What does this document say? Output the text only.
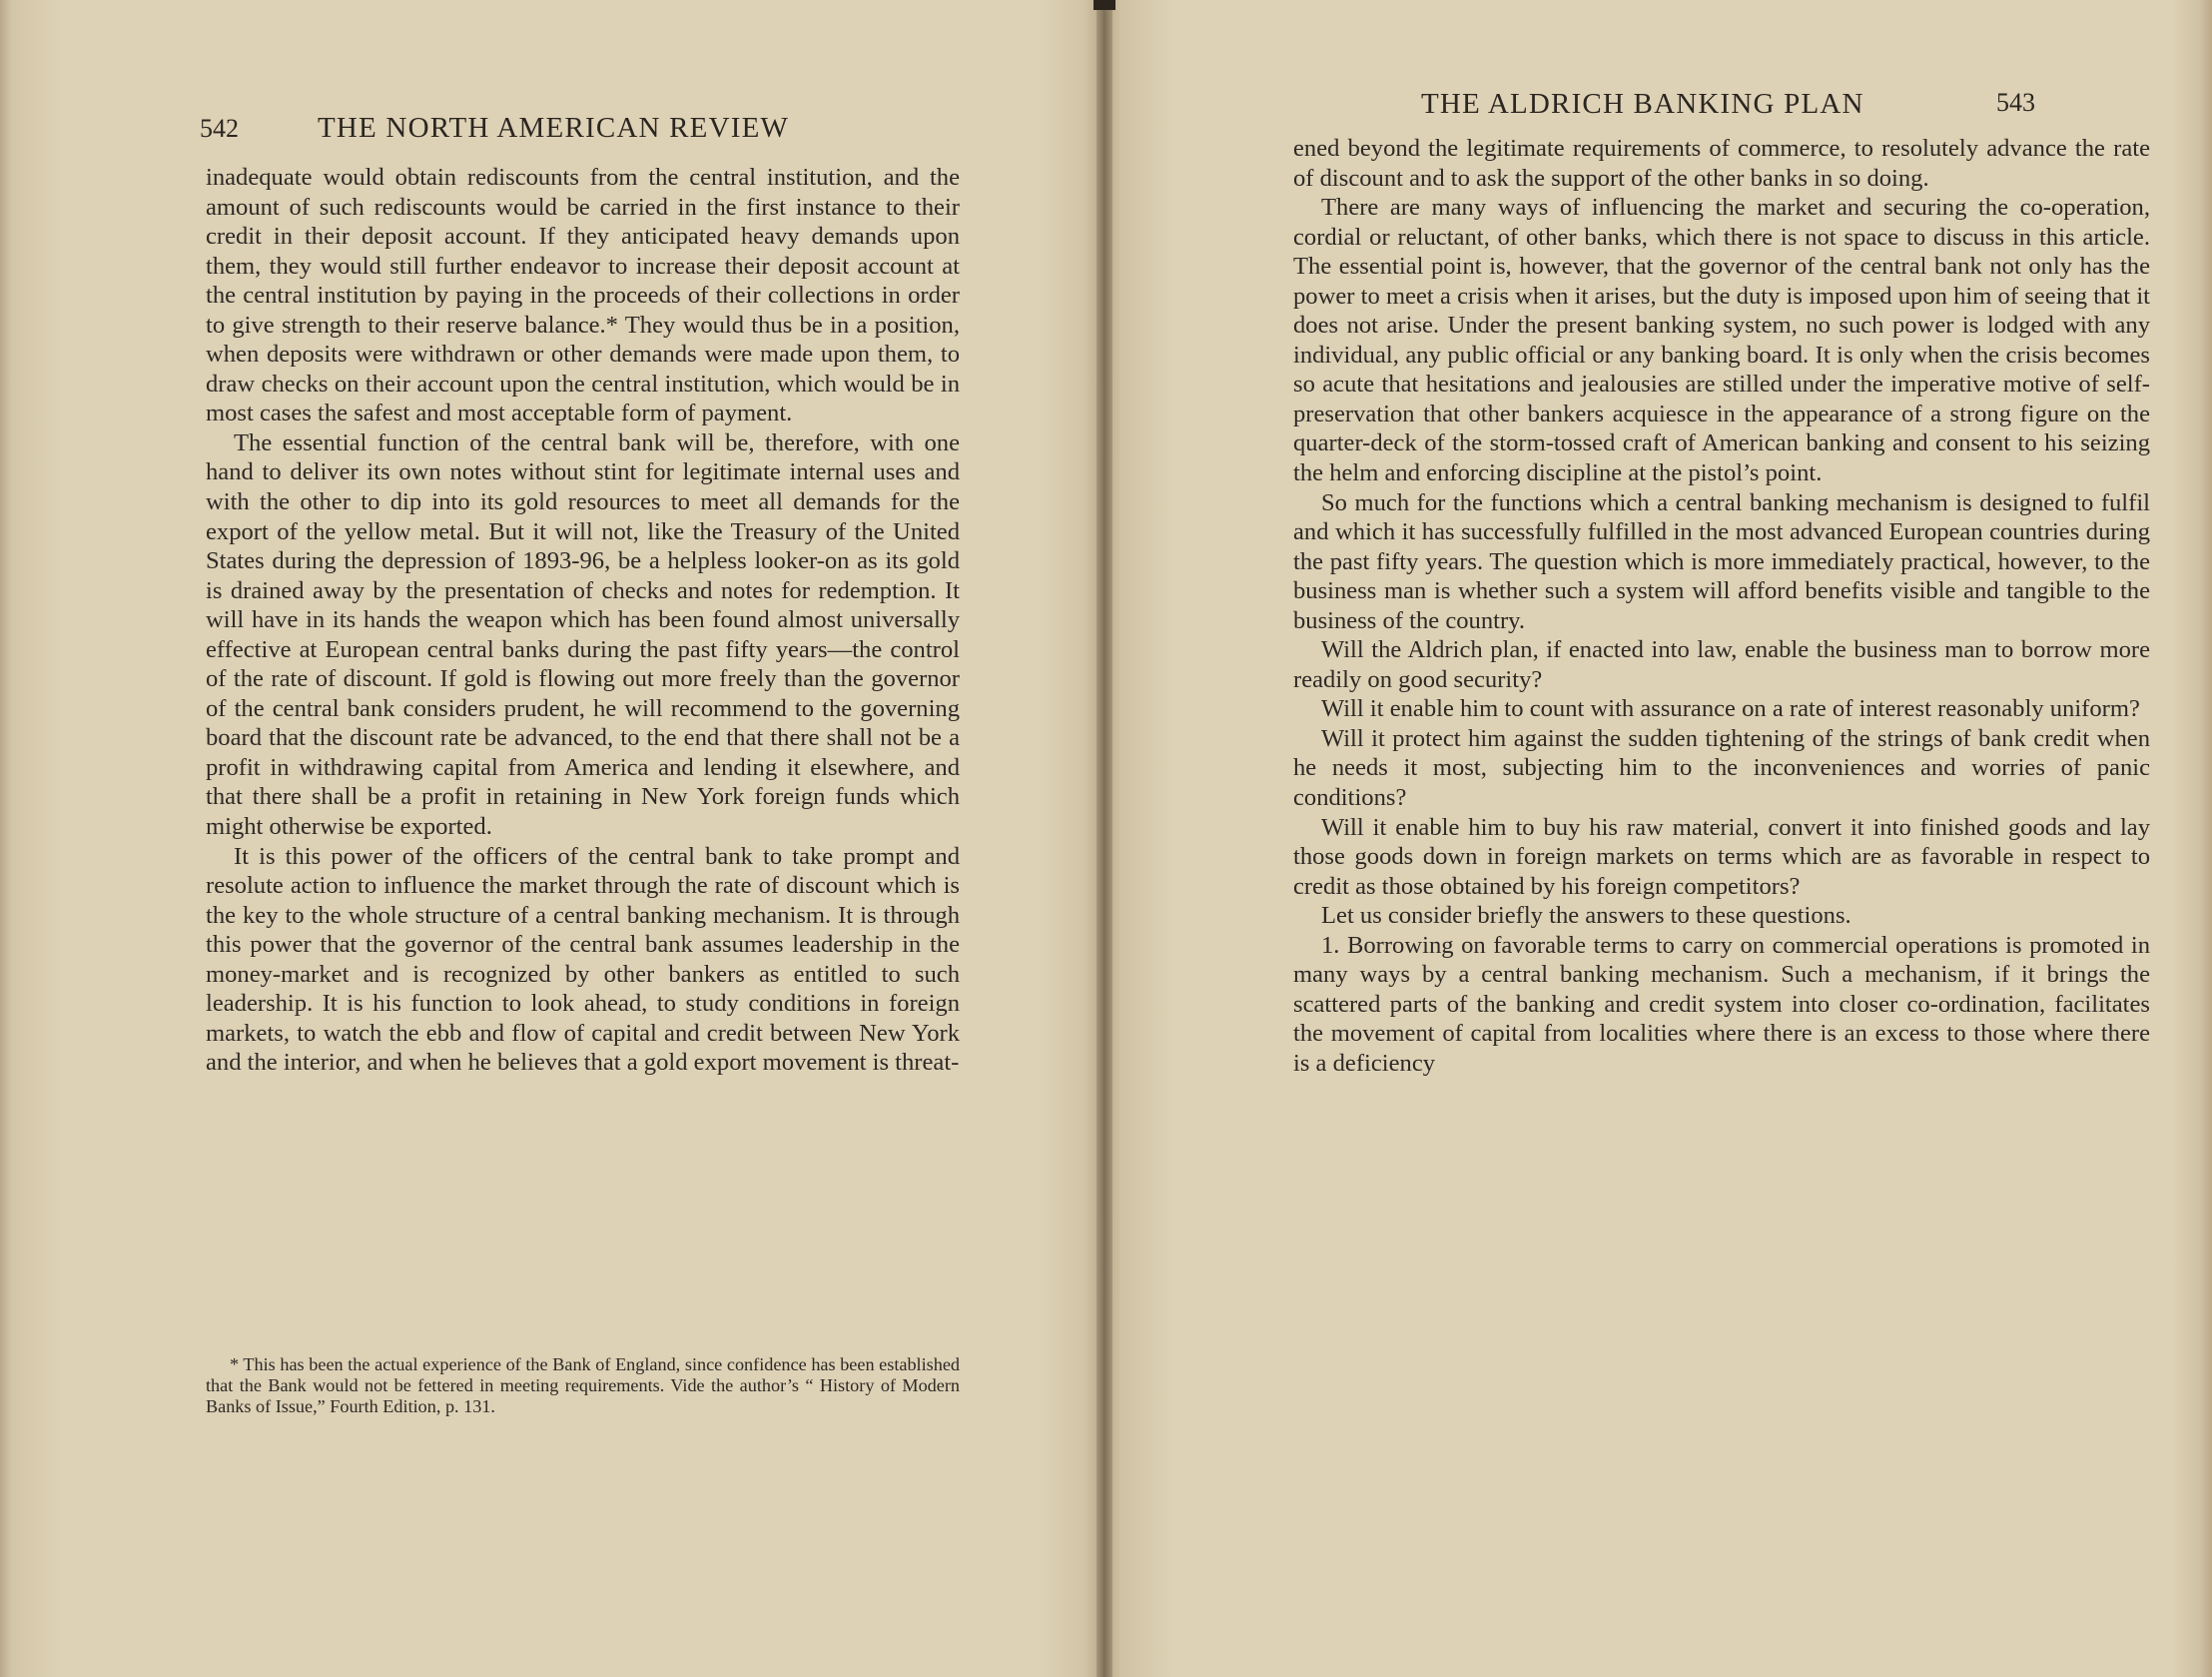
542	THE NORTH AMERICAN REVIEW

inadequate would obtain rediscounts from the central institution, and the amount of such rediscounts would be carried in the first instance to their credit in their deposit account. If they anticipated heavy demands upon them, they would still further endeavor to increase their deposit account at the central institution by paying in the proceeds of their collections in order to give strength to their reserve balance.* They would thus be in a position, when deposits were withdrawn or other demands were made upon them, to draw checks on their account upon the central institution, which would be in most cases the safest and most acceptable form of payment.

The essential function of the central bank will be, therefore, with one hand to deliver its own notes without stint for legitimate internal uses and with the other to dip into its gold resources to meet all demands for the export of the yellow metal. But it will not, like the Treasury of the United States during the depression of 1893-96, be a helpless looker-on as its gold is drained away by the presentation of checks and notes for redemption. It will have in its hands the weapon which has been found almost universally effective at European central banks during the past fifty years—the control of the rate of discount. If gold is flowing out more freely than the governor of the central bank considers prudent, he will recommend to the governing board that the discount rate be advanced, to the end that there shall not be a profit in withdrawing capital from America and lending it elsewhere, and that there shall be a profit in retaining in New York foreign funds which might otherwise be exported.

It is this power of the officers of the central bank to take prompt and resolute action to influence the market through the rate of discount which is the key to the whole structure of a central banking mechanism. It is through this power that the governor of the central bank assumes leadership in the money-market and is recognized by other bankers as entitled to such leadership. It is his function to look ahead, to study conditions in foreign markets, to watch the ebb and flow of capital and credit between New York and the interior, and when he believes that a gold export movement is threat-

* This has been the actual experience of the Bank of England, since confidence has been established that the Bank would not be fettered in meeting requirements. Vide the author’s “ History of Modern Banks of Issue,” Fourth Edition, p. 131.
THE ALDRICH BANKING PLAN	543

ened beyond the legitimate requirements of commerce, to resolutely advance the rate of discount and to ask the support of the other banks in so doing.

There are many ways of influencing the market and securing the co-operation, cordial or reluctant, of other banks, which there is not space to discuss in this article. The essential point is, however, that the governor of the central bank not only has the power to meet a crisis when it arises, but the duty is imposed upon him of seeing that it does not arise. Under the present banking system, no such power is lodged with any individual, any public official or any banking board. It is only when the crisis becomes so acute that hesitations and jealousies are stilled under the imperative motive of self-preservation that other bankers acquiesce in the appearance of a strong figure on the quarter-deck of the storm-tossed craft of American banking and consent to his seizing the helm and enforcing discipline at the pistol’s point.

So much for the functions which a central banking mechanism is designed to fulfil and which it has successfully fulfilled in the most advanced European countries during the past fifty years. The question which is more immediately practical, however, to the business man is whether such a system will afford benefits visible and tangible to the business of the country.

Will the Aldrich plan, if enacted into law, enable the business man to borrow more readily on good security?

Will it enable him to count with assurance on a rate of interest reasonably uniform?

Will it protect him against the sudden tightening of the strings of bank credit when he needs it most, subjecting him to the inconveniences and worries of panic conditions?

Will it enable him to buy his raw material, convert it into finished goods and lay those goods down in foreign markets on terms which are as favorable in respect to credit as those obtained by his foreign competitors?

Let us consider briefly the answers to these questions.

1. Borrowing on favorable terms to carry on commercial operations is promoted in many ways by a central banking mechanism. Such a mechanism, if it brings the scattered parts of the banking and credit system into closer co-ordination, facilitates the movement of capital from localities where there is an excess to those where there is a deficiency
